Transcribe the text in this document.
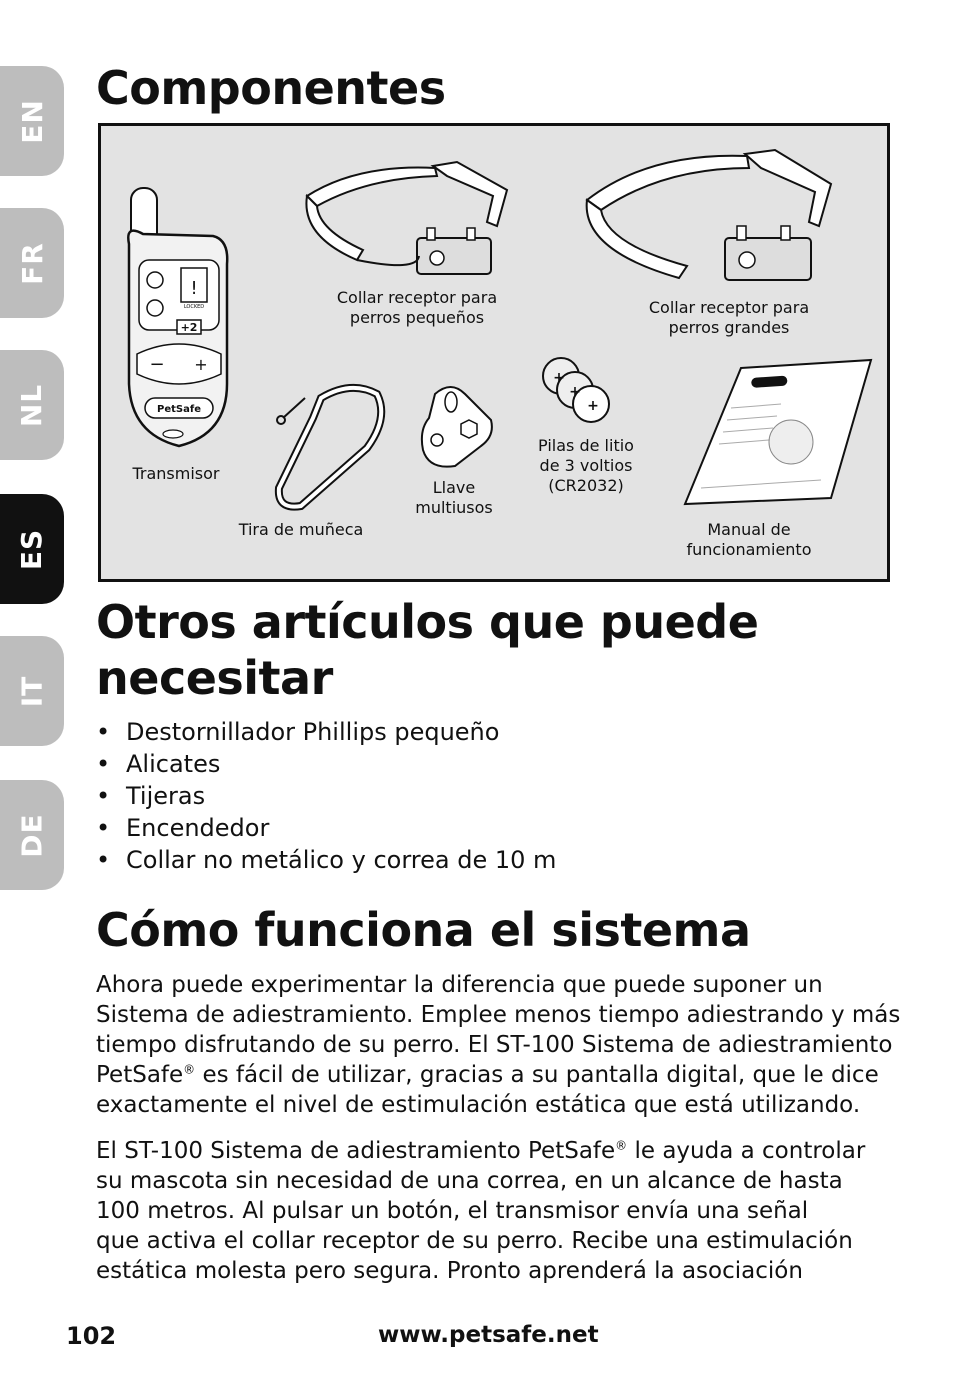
EN
FR
NL
ES
IT
DE
Componentes
!
LOCKED
+2
− +
PetSafe
Transmisor
Collar receptor para
perros pequeños
Collar receptor para
perros grandes
Tira de muñeca
Llave
multiusos
+
+
+
Pilas de litio
de 3 voltios
(CR2032)
Manual de
funcionamiento
Otros artículos que puede necesitar
• Destornillador Phillips pequeño
• Alicates
• Tijeras
• Encendedor
• Collar no metálico y correa de 10 m
Cómo funciona el sistema

Ahora puede experimentar la diferencia que puede suponer un
Sistema de adiestramiento. Emplee menos tiempo adiestrando y más
tiempo disfrutando de su perro. El ST-100 Sistema de adiestramiento
PetSafe® es fácil de utilizar, gracias a su pantalla digital, que le dice
exactamente el nivel de estimulación estática que está utilizando.

El ST-100 Sistema de adiestramiento PetSafe® le ayuda a controlar
su mascota sin necesidad de una correa, en un alcance de hasta
100 metros. Al pulsar un botón, el transmisor envía una señal
que activa el collar receptor de su perro. Recibe una estimulación
estática molesta pero segura. Pronto aprenderá la asociación

102	www.petsafe.net
